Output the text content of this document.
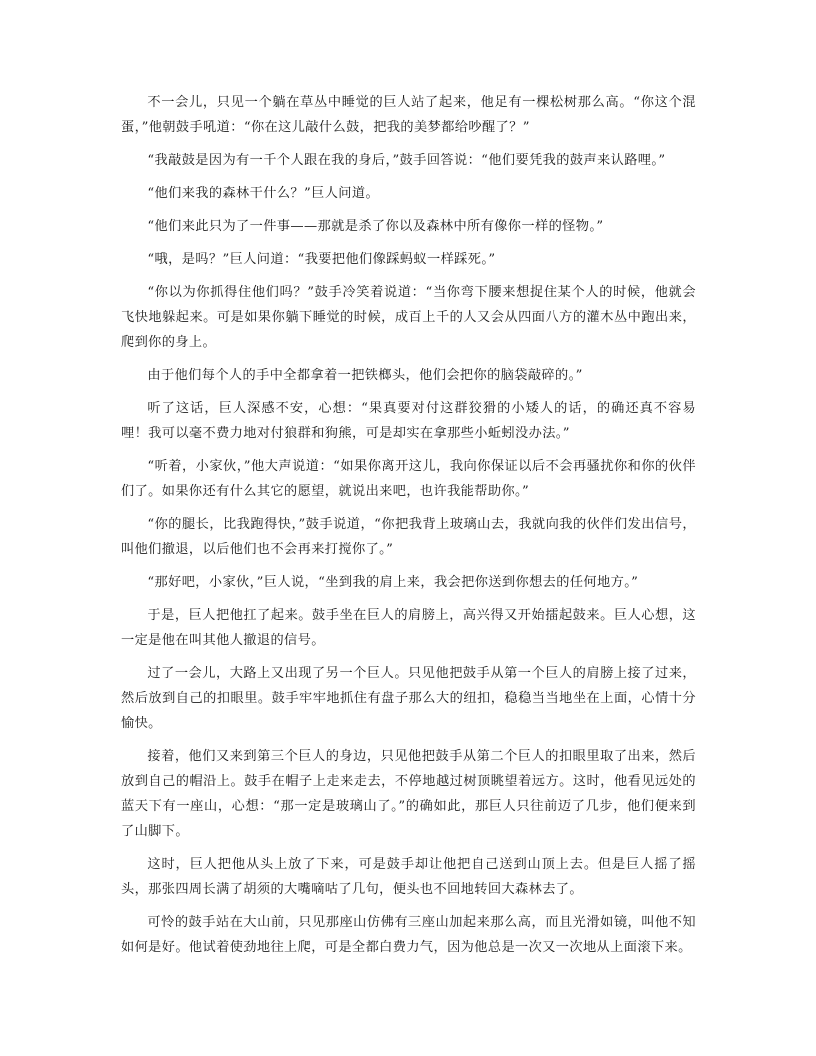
不一会儿，只见一个躺在草丛中睡觉的巨人站了起来，他足有一棵松树那么高。“你这个混蛋，”他朝鼓手吼道：“你在这儿敲什么鼓，把我的美梦都给吵醒了？”

“我敲鼓是因为有一千个人跟在我的身后，”鼓手回答说：“他们要凭我的鼓声来认路哩。”

“他们来我的森林干什么？”巨人问道。

“他们来此只为了一件事——那就是杀了你以及森林中所有像你一样的怪物。”

“哦，是吗？”巨人问道：“我要把他们像踩蚂蚁一样踩死。”

“你以为你抓得住他们吗？”鼓手冷笑着说道：“当你弯下腰来想捉住某个人的时候，他就会飞快地躲起来。可是如果你躺下睡觉的时候，成百上千的人又会从四面八方的灌木丛中跑出来，爬到你的身上。

由于他们每个人的手中全都拿着一把铁榔头，他们会把你的脑袋敲碎的。”

听了这话，巨人深感不安，心想：“果真要对付这群狡猾的小矮人的话，的确还真不容易哩！我可以毫不费力地对付狼群和狗熊，可是却实在拿那些小蚯蚓没办法。”

“听着，小家伙，”他大声说道：“如果你离开这儿，我向你保证以后不会再骚扰你和你的伙伴们了。如果你还有什么其它的愿望，就说出来吧，也许我能帮助你。”

“你的腿长，比我跑得快，”鼓手说道，“你把我背上玻璃山去，我就向我的伙伴们发出信号，叫他们撤退，以后他们也不会再来打搅你了。”

“那好吧，小家伙，”巨人说，“坐到我的肩上来，我会把你送到你想去的任何地方。”

于是，巨人把他扛了起来。鼓手坐在巨人的肩膀上，高兴得又开始擂起鼓来。巨人心想，这一定是他在叫其他人撤退的信号。

过了一会儿，大路上又出现了另一个巨人。只见他把鼓手从第一个巨人的肩膀上接了过来，然后放到自己的扣眼里。鼓手牢牢地抓住有盘子那么大的纽扣，稳稳当当地坐在上面，心情十分愉快。

接着，他们又来到第三个巨人的身边，只见他把鼓手从第二个巨人的扣眼里取了出来，然后放到自己的帽沿上。鼓手在帽子上走来走去，不停地越过树顶眺望着远方。这时，他看见远处的蓝天下有一座山，心想：“那一定是玻璃山了。”的确如此，那巨人只往前迈了几步，他们便来到了山脚下。

这时，巨人把他从头上放了下来，可是鼓手却让他把自己送到山顶上去。但是巨人摇了摇头，那张四周长满了胡须的大嘴嘀咕了几句，便头也不回地转回大森林去了。

可怜的鼓手站在大山前，只见那座山仿佛有三座山加起来那么高，而且光滑如镜，叫他不知如何是好。他试着使劲地往上爬，可是全都白费力气，因为他总是一次又一次地从上面滚下来。
